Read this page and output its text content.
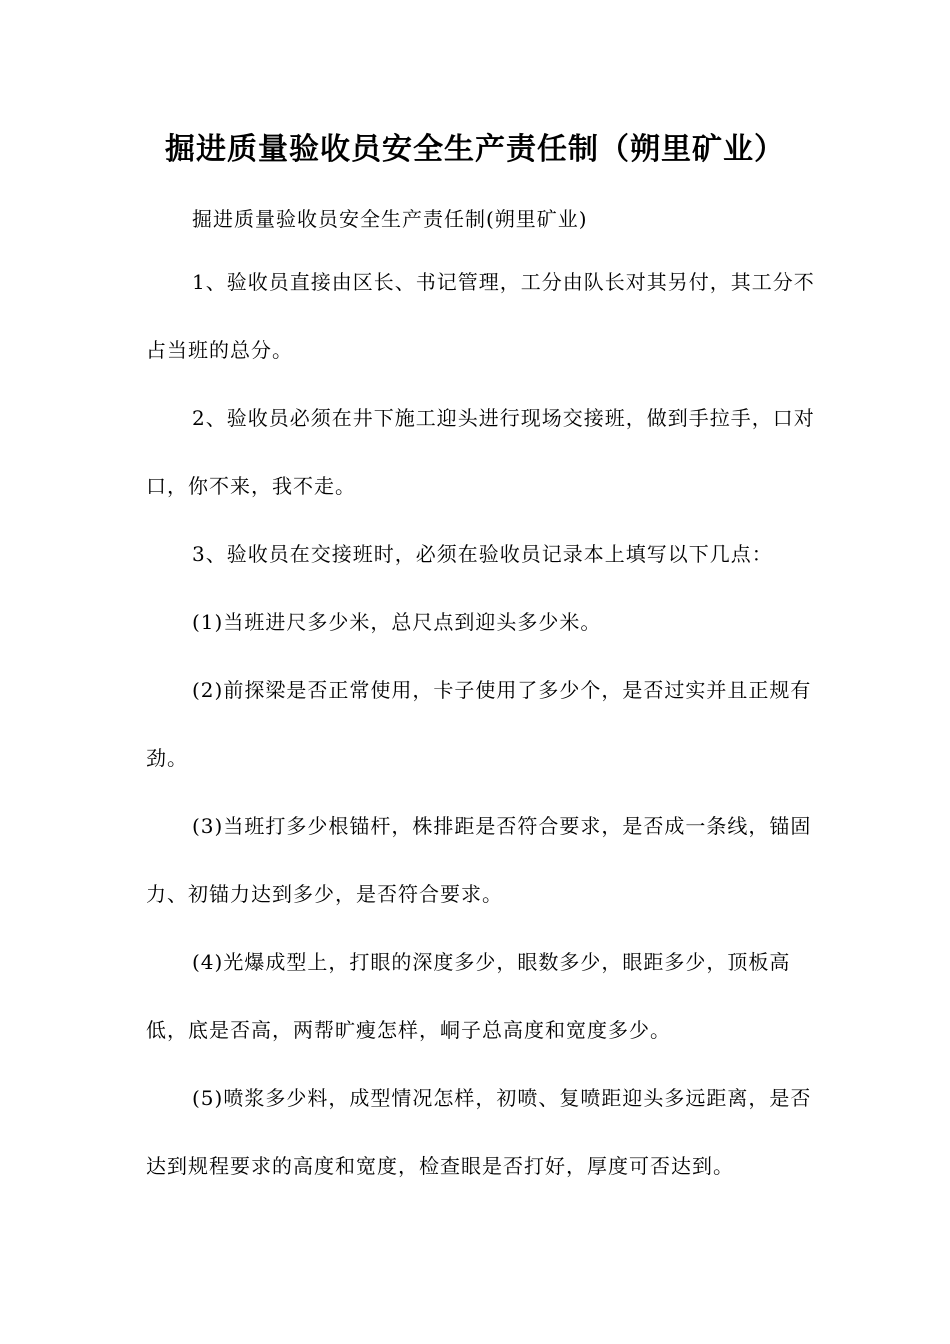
掘进质量验收员安全生产责任制（朔里矿业）

掘进质量验收员安全生产责任制(朔里矿业)

1、验收员直接由区长、书记管理，工分由队长对其另付，其工分不占当班的总分。

2、验收员必须在井下施工迎头进行现场交接班，做到手拉手，口对口，你不来，我不走。

3、验收员在交接班时，必须在验收员记录本上填写以下几点：

(1)当班进尺多少米，总尺点到迎头多少米。

(2)前探梁是否正常使用，卡子使用了多少个，是否过实并且正规有劲。

(3)当班打多少根锚杆，株排距是否符合要求，是否成一条线，锚固力、初锚力达到多少，是否符合要求。

(4)光爆成型上，打眼的深度多少，眼数多少，眼距多少，顶板高低，底是否高，两帮旷瘦怎样，峒子总高度和宽度多少。

(5)喷浆多少料，成型情况怎样，初喷、复喷距迎头多远距离，是否达到规程要求的高度和宽度，检查眼是否打好，厚度可否达到。
